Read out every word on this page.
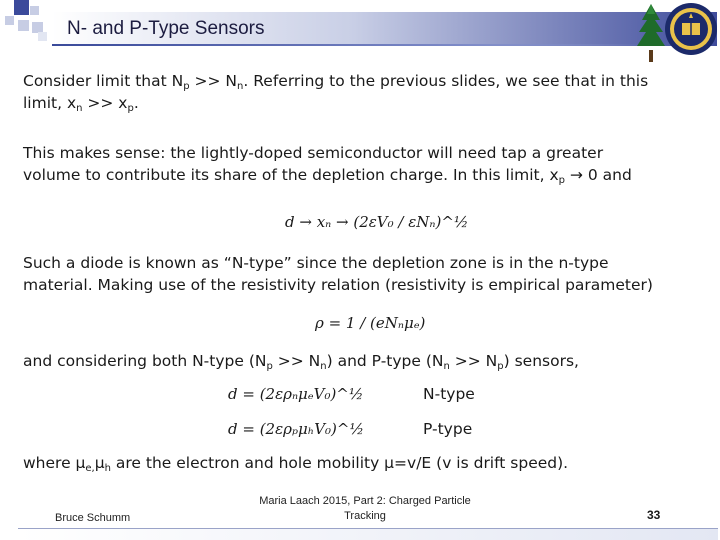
N- and P-Type Sensors

Consider limit that $N_p >> N_n$. Referring to the previous slides, we see that in this

limit, $x_n >> x_p$.

This makes sense: the lightly-doped semiconductor will need tap a greater

volume to contribute its share of the depletion charge. In this limit, $x_p \to 0$ and

d → xₙ → (2εV₀ / εNₙ)^½

Such a diode is known as “N-type” since the depletion zone is in the n-type

material. Making use of the resistivity relation (resistivity is empirical parameter)

ρ = 1 / (eNₙμₑ)

and considering both N-type $(N_p >> N_n)$ and P-type $(N_n >> N_p)$ sensors,

d = (2ερₙμₑV₀)^½	N-type
d = (2ερₚμₕV₀)^½	P-type

where $\mu_{e,}\mu_h$ are the electron and hole mobility μ=v/E (v is drift speed).

Bruce Schumm
Maria Laach 2015, Part 2: Charged Particle
Tracking	33
